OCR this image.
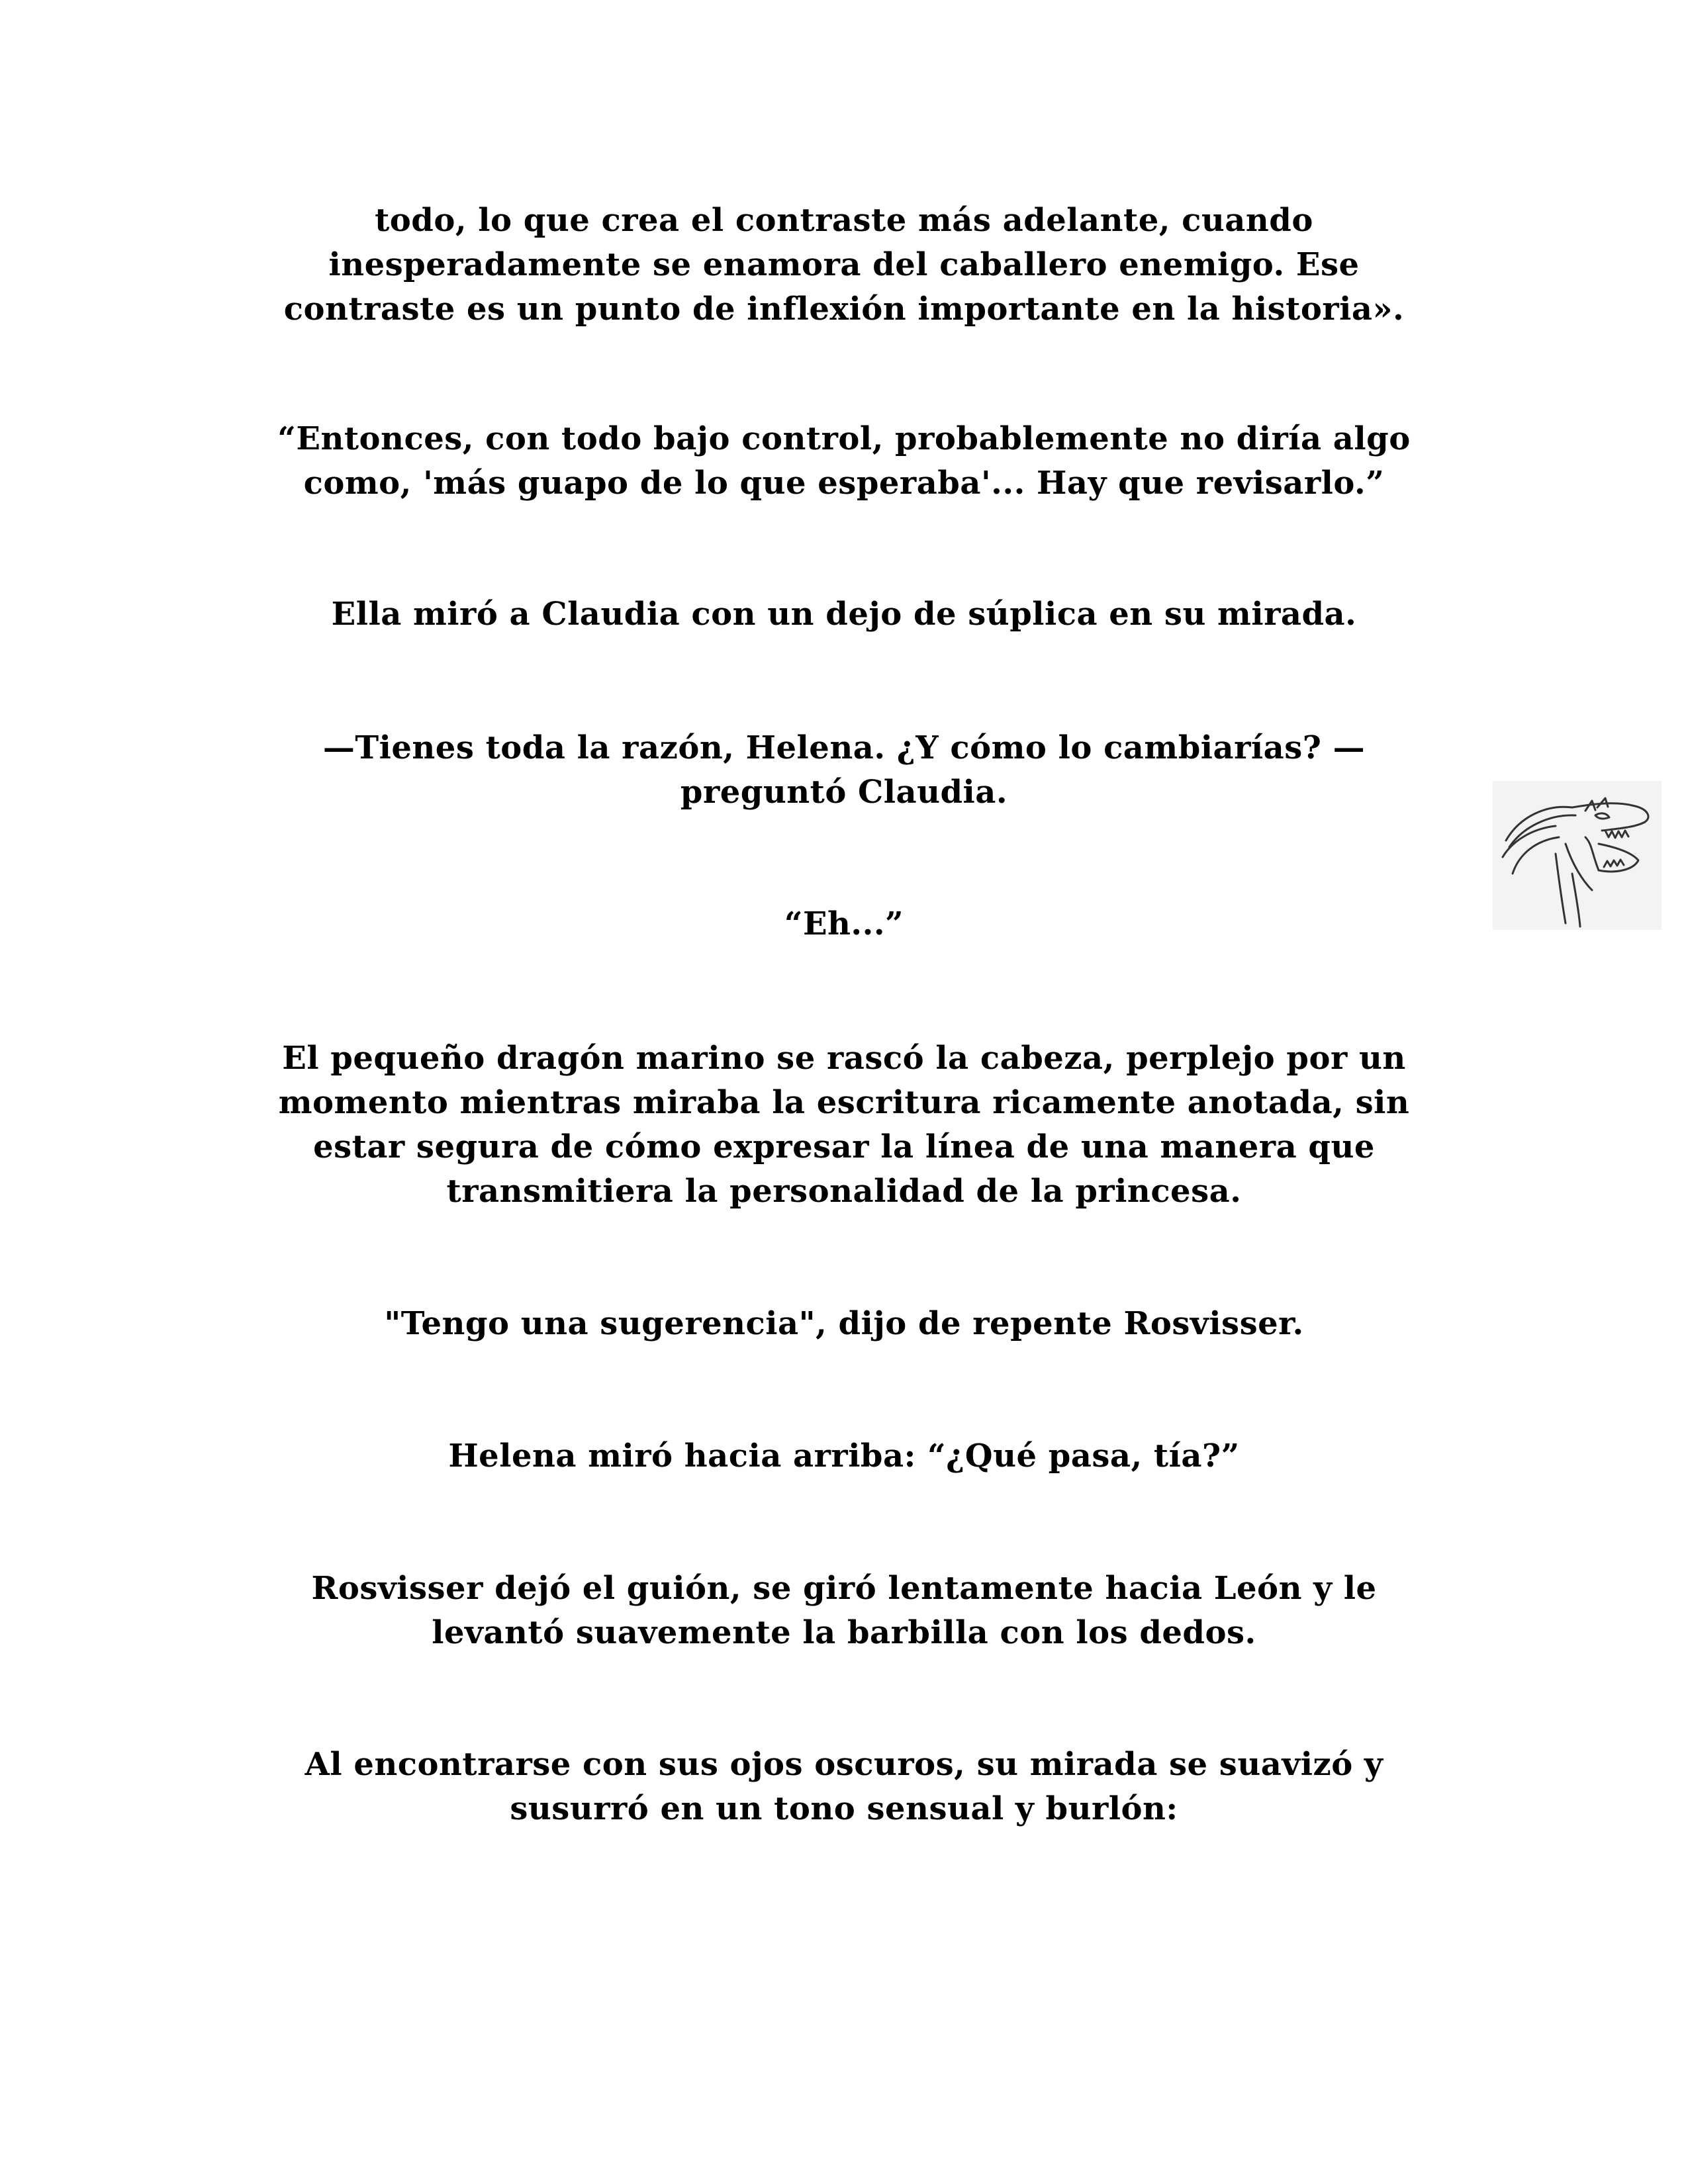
todo, lo que crea el contraste más adelante, cuando
inesperadamente se enamora del caballero enemigo. Ese
contraste es un punto de inflexión importante en la historia».

“Entonces, con todo bajo control, probablemente no diría algo
como, 'más guapo de lo que esperaba'... Hay que revisarlo.”

Ella miró a Claudia con un dejo de súplica en su mirada.

—Tienes toda la razón, Helena. ¿Y cómo lo cambiarías? —
preguntó Claudia.

“Eh...”

El pequeño dragón marino se rascó la cabeza, perplejo por un
momento mientras miraba la escritura ricamente anotada, sin
estar segura de cómo expresar la línea de una manera que
transmitiera la personalidad de la princesa.

"Tengo una sugerencia", dijo de repente Rosvisser.

Helena miró hacia arriba: “¿Qué pasa, tía?”

Rosvisser dejó el guión, se giró lentamente hacia León y le
levantó suavemente la barbilla con los dedos.

Al encontrarse con sus ojos oscuros, su mirada se suavizó y
susurró en un tono sensual y burlón:
